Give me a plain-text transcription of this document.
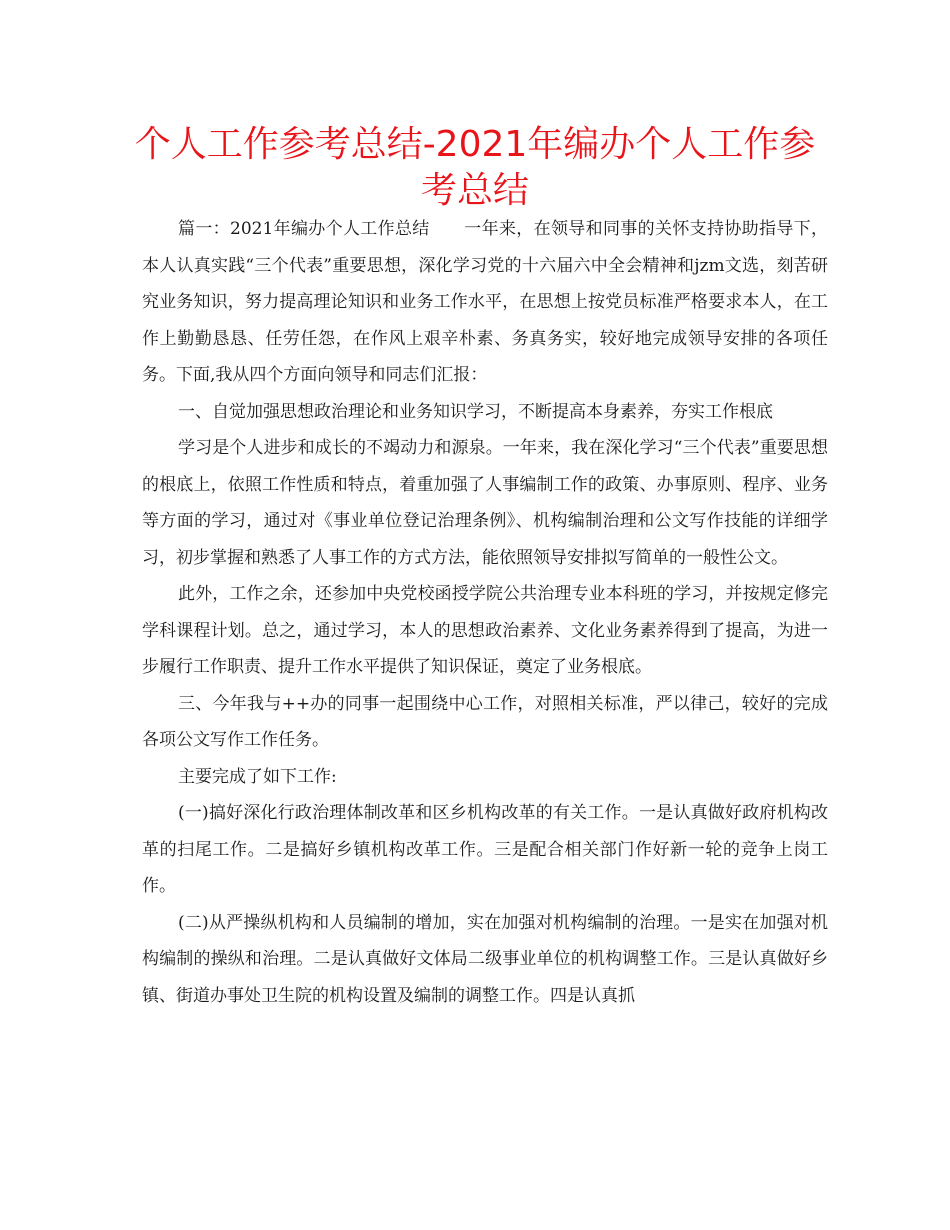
个人工作参考总结-2021年编办个人工作参考总结

篇一：2021年编办个人工作总结　　一年来，在领导和同事的关怀支持协助指导下，本人认真实践“三个代表”重要思想，深化学习党的十六届六中全会精神和jzm文选，刻苦研究业务知识，努力提高理论知识和业务工作水平，在思想上按党员标准严格要求本人，在工作上勤勤恳恳、任劳任怨，在作风上艰辛朴素、务真务实，较好地完成领导安排的各项任务。下面,我从四个方面向领导和同志们汇报：

一、自觉加强思想政治理论和业务知识学习，不断提高本身素养，夯实工作根底

学习是个人进步和成长的不竭动力和源泉。一年来，我在深化学习“三个代表”重要思想的根底上，依照工作性质和特点，着重加强了人事编制工作的政策、办事原则、程序、业务等方面的学习，通过对《事业单位登记治理条例》、机构编制治理和公文写作技能的详细学习，初步掌握和熟悉了人事工作的方式方法，能依照领导安排拟写简单的一般性公文。

此外，工作之余，还参加中央党校函授学院公共治理专业本科班的学习，并按规定修完学科课程计划。总之，通过学习，本人的思想政治素养、文化业务素养得到了提高，为进一步履行工作职责、提升工作水平提供了知识保证，奠定了业务根底。

三、今年我与++办的同事一起围绕中心工作，对照相关标准，严以律己，较好的完成各项公文写作工作任务。

主要完成了如下工作:

(一)搞好深化行政治理体制改革和区乡机构改革的有关工作。一是认真做好政府机构改革的扫尾工作。二是搞好乡镇机构改革工作。三是配合相关部门作好新一轮的竞争上岗工作。

(二)从严操纵机构和人员编制的增加，实在加强对机构编制的治理。一是实在加强对机构编制的操纵和治理。二是认真做好文体局二级事业单位的机构调整工作。三是认真做好乡镇、街道办事处卫生院的机构设置及编制的调整工作。四是认真抓
